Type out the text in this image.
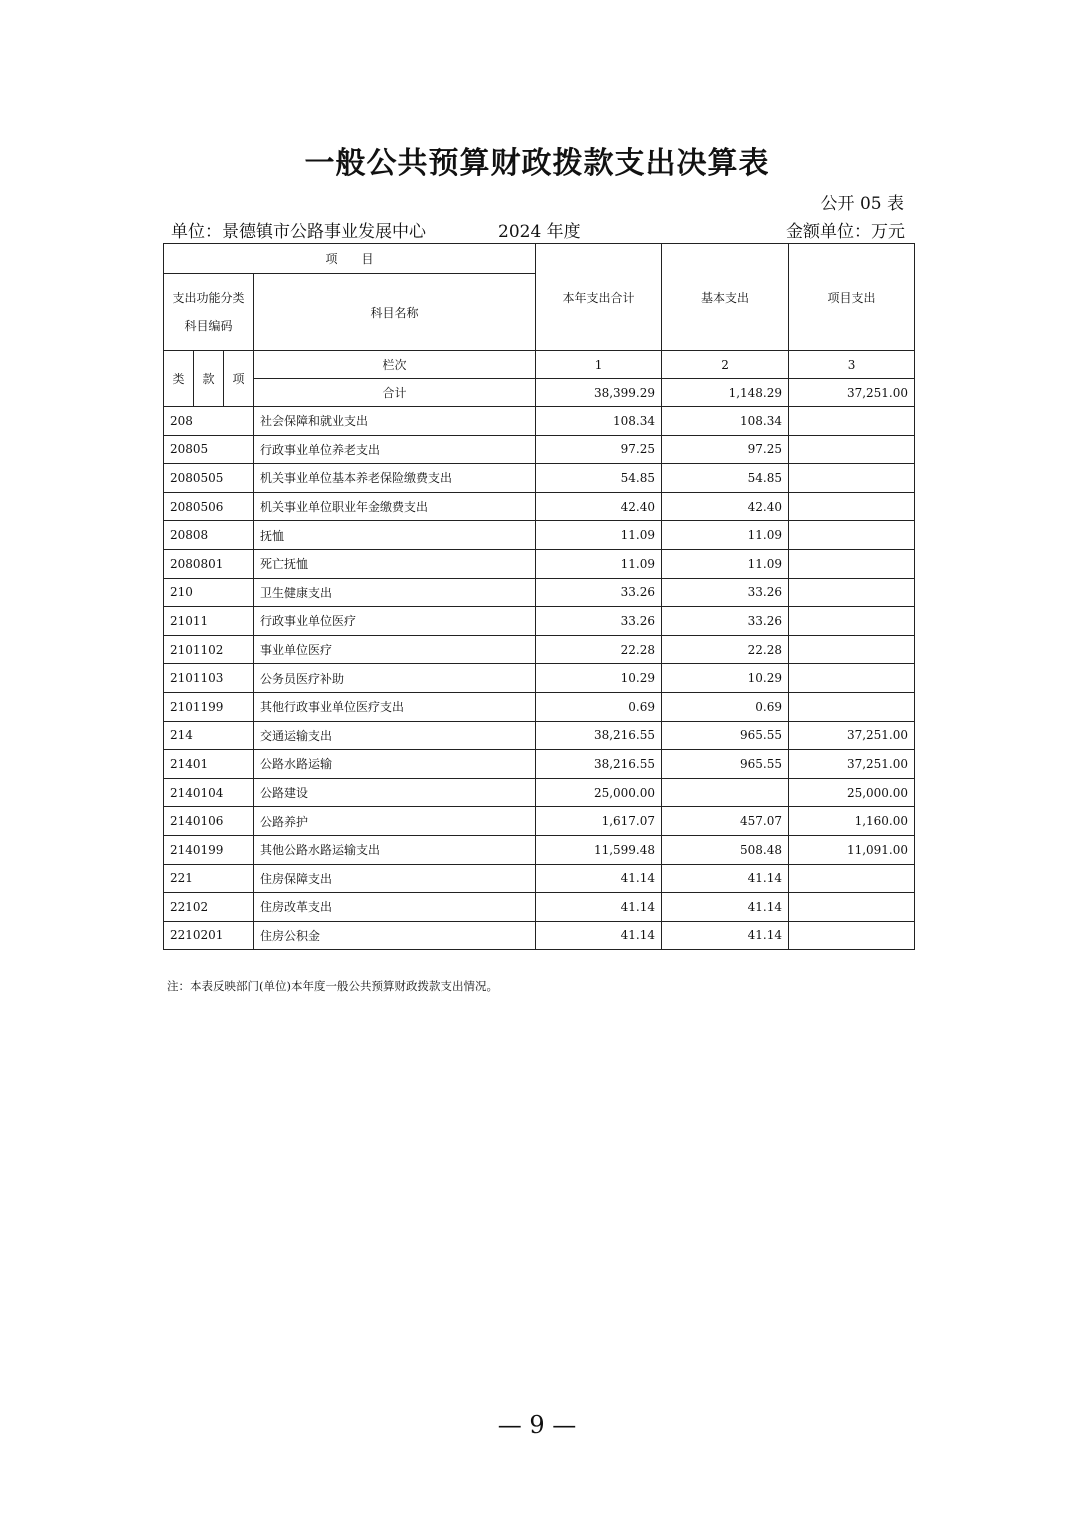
一般公共预算财政拨款支出决算表
公开 05 表
单位：景德镇市公路事业发展中心	2024 年度	金额单位：万元
项　　目				本年支出合计	基本支出	项目支出
支出功能分类
科目编码			科目名称			
类	款	项	栏次	1	2	3
			合计	38,399.29	1,148.29	37,251.00
208			社会保障和就业支出	108.34	108.34	
20805			行政事业单位养老支出	97.25	97.25	
2080505			机关事业单位基本养老保险缴费支出	54.85	54.85	
2080506			机关事业单位职业年金缴费支出	42.40	42.40	
20808			抚恤	11.09	11.09	
2080801			死亡抚恤	11.09	11.09	
210			卫生健康支出	33.26	33.26	
21011			行政事业单位医疗	33.26	33.26	
2101102			事业单位医疗	22.28	22.28	
2101103			公务员医疗补助	10.29	10.29	
2101199			其他行政事业单位医疗支出	0.69	0.69	
214			交通运输支出	38,216.55	965.55	37,251.00
21401			公路水路运输	38,216.55	965.55	37,251.00
2140104			公路建设	25,000.00		25,000.00
2140106			公路养护	1,617.07	457.07	1,160.00
2140199			其他公路水路运输支出	11,599.48	508.48	11,091.00
221			住房保障支出	41.14	41.14	
22102			住房改革支出	41.14	41.14	
2210201			住房公积金	41.14	41.14	
注：本表反映部门(单位)本年度一般公共预算财政拨款支出情况。
— 9 —
